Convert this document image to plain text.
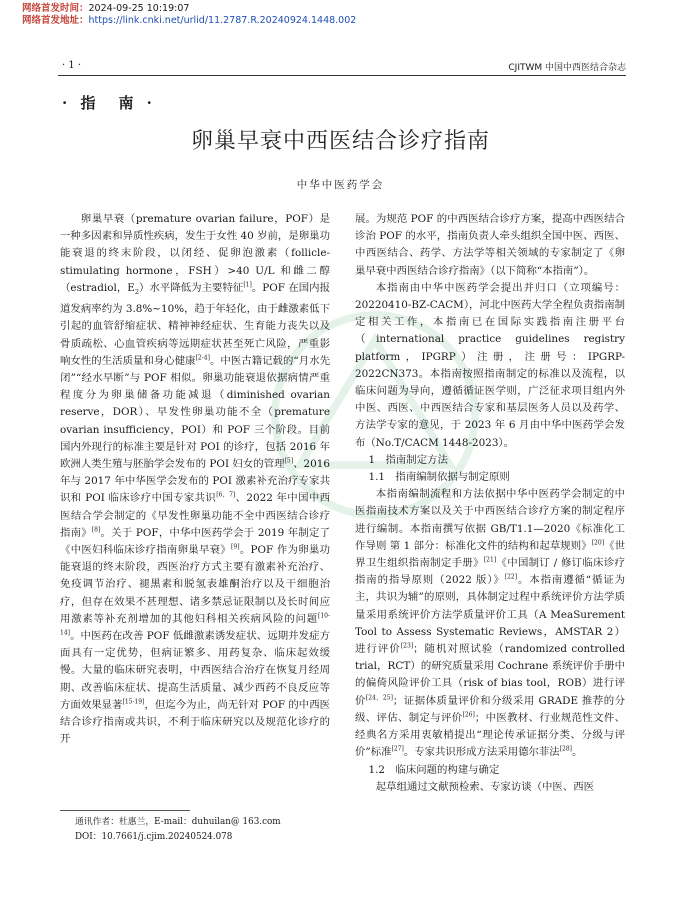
网络首发时间：2024-09-25 10:19:07
网络首发地址：https://link.cnki.net/urlid/11.2787.R.20240924.1448.002
· 1 ·	CJITWM 中国中西医结合杂志
· 指　南 ·
卵巢早衰中西医结合诊疗指南
中华中医药学会

卵巢早衰（premature ovarian failure，POF）是一种多因素和异质性疾病，发生于女性 40 岁前，是卵巢功能衰退的终末阶段，以闭经、促卵泡激素（follicle-stimulating hormone，FSH）>40 U/L 和雌二醇（estradiol，$E_2$）水平降低为主要特征[1]。POF 在国内报道发病率约为 3.8%~10%，趋于年轻化，由于雌激素低下引起的血管舒缩症状、精神神经症状、生育能力丧失以及骨质疏松、心血管疾病等远期症状甚至死亡风险，严重影响女性的生活质量和身心健康[2-4]。中医古籍记载的“月水先闭”“经水早断”与 POF 相似。卵巢功能衰退依据病情严重程度分为卵巢储备功能减退（diminished ovarian reserve，DOR）、早发性卵巢功能不全（premature ovarian insufficiency，POI）和 POF 三个阶段。目前国内外现行的标准主要是针对 POI 的诊疗，包括 2016 年欧洲人类生殖与胚胎学会发布的 POI 妇女的管理[5]、2016 年与 2017 年中华医学会发布的 POI 激素补充治疗专家共识和 POI 临床诊疗中国专家共识[6，7]、2022 年中国中西医结合学会制定的《早发性卵巢功能不全中西医结合诊疗指南》[8]。关于 POF，中华中医药学会于 2019 年制定了《中医妇科临床诊疗指南卵巢早衰》[9]。POF 作为卵巢功能衰退的终末阶段，西医治疗方式主要有激素补充治疗、免疫调节治疗、褪黑素和脱氢表雄酮治疗以及干细胞治疗，但存在效果不甚理想、诸多禁忌证限制以及长时间应用激素等补充剂增加的其他妇科相关疾病风险的问题[10-14]。中医药在改善 POF 低雌激素诱发症状、远期并发症方面具有一定优势，但病证繁多、用药复杂、临床起效缓慢。大量的临床研究表明，中西医结合治疗在恢复月经周期、改善临床症状、提高生活质量、减少西药不良反应等方面效果显著[15-19]，但迄今为止，尚无针对 POF 的中西医结合诊疗指南或共识，不利于临床研究以及规范化诊疗的开

展。为规范 POF 的中西医结合诊疗方案，提高中西医结合诊治 POF 的水平，指南负责人牵头组织全国中医、西医、中西医结合、药学、方法学等相关领域的专家制定了《卵巢早衰中西医结合诊疗指南》（以下简称“本指南”）。

本指南由中华中医药学会提出并归口（立项编号：20220410-BZ-CACM），河北中医药大学全程负责指南制定相关工作，本指南已在国际实践指南注册平台（international practice guidelines registry platform，IPGRP）注册，注册号：IPGRP-2022CN373。本指南按照指南制定的标准以及流程，以临床问题为导向，遵循循证医学则，广泛征求项目组内外中医、西医、中西医结合专家和基层医务人员以及药学、方法学专家的意见，于 2023 年 6 月由中华中医药学会发布（No.T/CACM 1448-2023）。

1　指南制定方法

1.1　指南编制依据与制定原则

本指南编制流程和方法依据中华中医药学会制定的中医指南技术方案以及关于中西医结合诊疗方案的制定程序进行编制。本指南撰写依据 GB/T1.1—2020《标准化工作导则 第 1 部分：标准化文件的结构和起草规则》[20]《世界卫生组织指南制定手册》[21]《中国制订 / 修订临床诊疗指南的指导原则（2022 版）》[22]。本指南遵循“循证为主，共识为辅”的原则，具体制定过程中系统评价方法学质量采用系统评价方法学质量评价工具（A MeaSurement Tool to Assess Systematic Reviews，AMSTAR 2）进行评价[23]；随机对照试验（randomized controlled trial，RCT）的研究质量采用 Cochrane 系统评价手册中的偏倚风险评价工具（risk of bias tool，ROB）进行评价[24，25]；证据体质量评价和分级采用 GRADE 推荐的分级、评估、制定与评价[26]；中医教材、行业规范性文件、经典名方采用衷敏梢提出“理论传承证据分类、分级与评价”标准[27]。专家共识形成方法采用德尔菲法[28]。

1.2　临床问题的构建与确定

起草组通过文献预检索、专家访谈（中医、西医

通讯作者：杜惠兰，E-mail：duhuilan@ 163.com
DOI：10.7661/j.cjim.20240524.078
